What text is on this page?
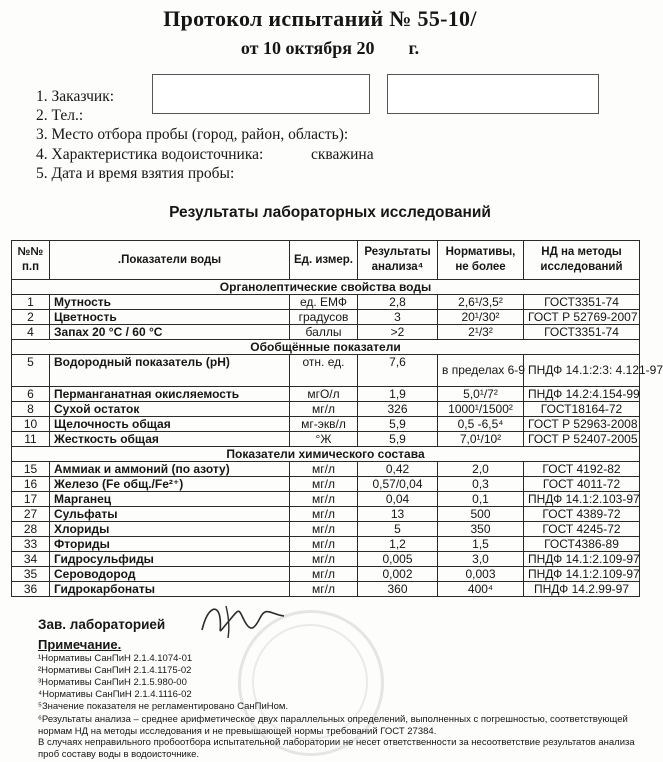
Протокол испытаний № 55-10/
от 10 октября 20 г.
1. Заказчик:
2. Тел.:
3. Место отбора пробы (город, район, область):
4. Характеристика водоисточника:	скважина
5. Дата и время взятия пробы:
Результаты лабораторных исследований
№№ п.п	.Показатели воды	Ед. измер.	Результаты анализа⁴	Нормативы, не более	НД на методы исследований
Органолептические свойства воды					
1	Мутность	ед. ЕМФ	2,8	2,6¹/3,5²	ГОСТ3351-74
2	Цветность	градусов	3	20¹/30²	ГОСТ Р 52769-2007
4	Запах 20 °С / 60 °С	баллы	>2	2¹/3²	ГОСТ3351-74
Обобщённые показатели					
5	Водородный показатель (pH)	отн. ед.	7,6	в пределах 6-9	ПНДФ 14.1:2:3: 4.121-97
6	Перманганатная окисляемость	мгО/л	1,9	5,0¹/7²	ПНДФ 14.2:4.154-99
8	Сухой остаток	мг/л	326	1000¹/1500²	ГОСТ18164-72
10	Щелочность общая	мг-экв/л	5,9	0,5 -6,5⁴	ГОСТ Р 52963-2008
11	Жесткость общая	°Ж	5,9	7,0¹/10²	ГОСТ Р 52407-2005
Показатели химического состава					
15	Аммиак и аммоний (по азоту)	мг/л	0,42	2,0	ГОСТ 4192-82
16	Железо (Fe общ./Fe²⁺)	мг/л	0,57/0,04	0,3	ГОСТ 4011-72
17	Марганец	мг/л	0,04	0,1	ПНДФ 14.1:2.103-97
27	Сульфаты	мг/л	13	500	ГОСТ 4389-72
28	Хлориды	мг/л	5	350	ГОСТ 4245-72
33	Фториды	мг/л	1,2	1,5	ГОСТ4386-89
34	Гидросульфиды	мг/л	0,005	3,0	ПНДФ 14.1:2.109-97
35	Сероводород	мг/л	0,002	0,003	ПНДФ 14.1:2.109-97
36	Гидрокарбонаты	мг/л	360	400⁴	ПНДФ 14.2.99-97
Зав. лабораторией
Примечание.
¹Нормативы СанПиН 2.1.4.1074-01
²Нормативы СанПиН 2.1.4.1175-02
³Нормативы СанПиН 2.1.5.980-00
⁴Нормативы СанПиН 2.1.4.1116-02
⁵Значение показателя не регламентировано СанПиНом.
⁶Результаты анализа – среднее арифметическое двух параллельных определений, выполненных с погрешностью, соответствующей нормам НД на методы исследования и не превышающей нормы требований ГОСТ 27384.
В случаях неправильного пробоотбора испытательной лаборатории не несет ответственности за несоответствие результатов анализа проб составу воды в водоисточнике.
